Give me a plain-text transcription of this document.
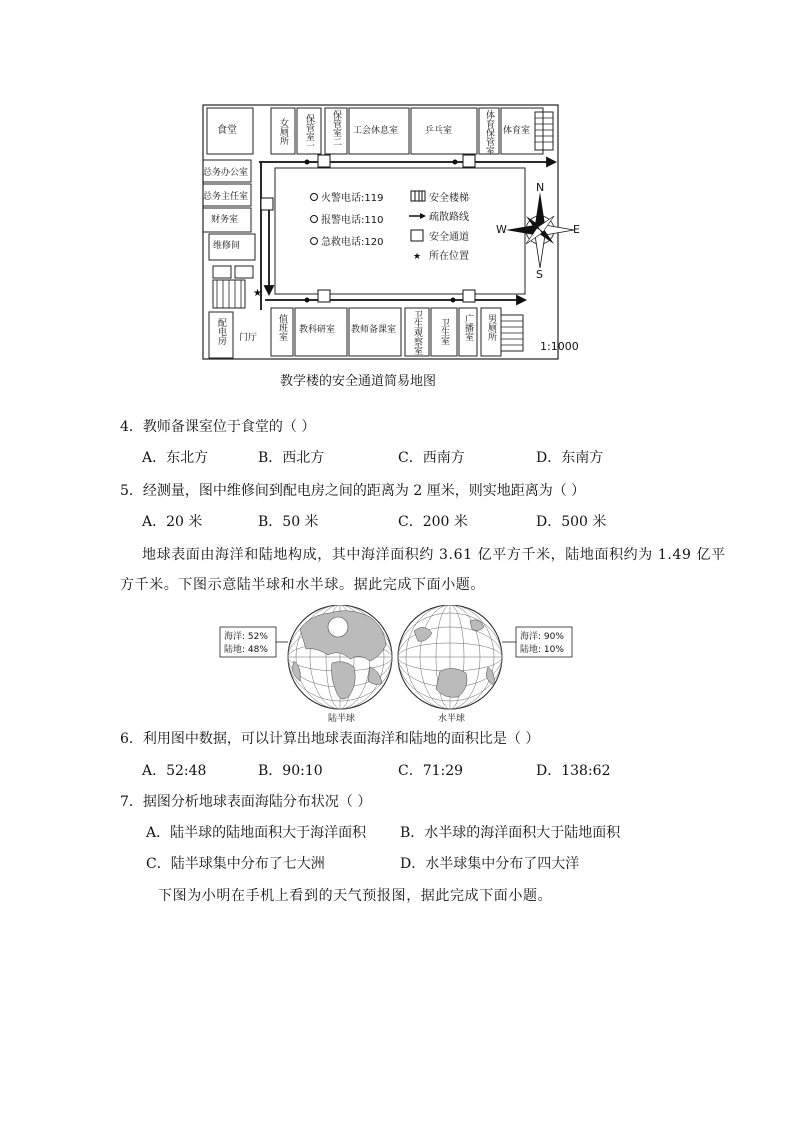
★
食堂
总务办公室
总务主任室
财务室
维修间
门厅
工会休息室	乒乓室	体育室
教科研室 教师备课室
女厕所 保管室一 保管室二	体育保管室
配电房	值班室	卫生观察室 卫生室 广播室 男厕所
火警电话:119
报警电话:110
急救电话:120
安全楼梯
疏散路线
安全通道
★ 所在位置
N
S
E
W
1:1000
教学楼的安全通道简易地图
4．教师备课室位于食堂的（ ）
A．东北方	B．西北方	C．西南方	D．东南方
5．经测量，图中维修间到配电房之间的距离为 2 厘米，则实地距离为（ ）
A．20 米	B．50 米	C．200 米	D．500 米
地球表面由海洋和陆地构成，其中海洋面积约 3.61 亿平方千米，陆地面积约为 1.49 亿平
方千米。下图示意陆半球和水半球。据此完成下面小题。
海洋: 52%
陆地: 48%
海洋: 90%
陆地: 10%
陆半球	水半球
6．利用图中数据，可以计算出地球表面海洋和陆地的面积比是（ ）
A．52:48	B．90:10	C．71:29	D．138:62
7．据图分析地球表面海陆分布状况（ ）
A．陆半球的陆地面积大于海洋面积 B．水半球的海洋面积大于陆地面积
C．陆半球集中分布了七大洲	D．水半球集中分布了四大洋
下图为小明在手机上看到的天气预报图，据此完成下面小题。
